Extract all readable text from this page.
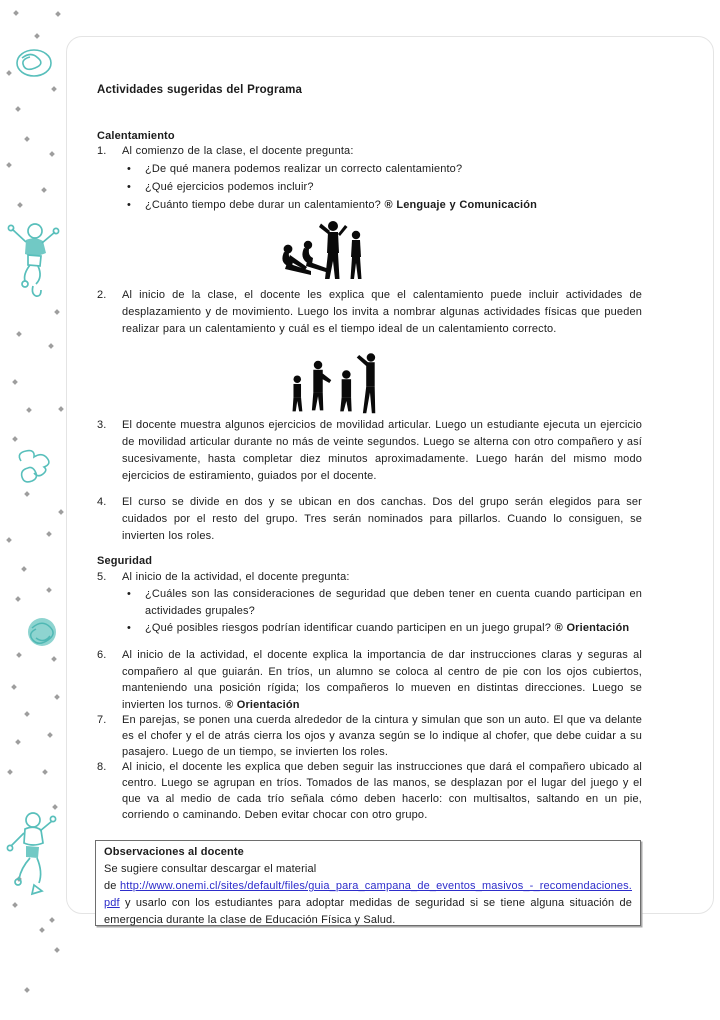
Actividades sugeridas del Programa
Calentamiento
1.	Al comienzo de la clase, el docente pregunta:
•	¿De qué manera podemos realizar un correcto calentamiento?
•	¿Qué ejercicios podemos incluir?
•	¿Cuánto tiempo debe durar un calentamiento? ® Lenguaje y Comunicación
2.	Al inicio de la clase, el docente les explica que el calentamiento puede incluir actividades de desplazamiento y de movimiento. Luego los invita a nombrar algunas actividades físicas que pueden realizar para un calentamiento y cuál es el tiempo ideal de un calentamiento correcto.
3.	El docente muestra algunos ejercicios de movilidad articular. Luego un estudiante ejecuta un ejercicio de movilidad articular durante no más de veinte segundos. Luego se alterna con otro compañero y así sucesivamente, hasta completar diez minutos aproximadamente. Luego harán del mismo modo ejercicios de estiramiento, guiados por el docente.
4.	El curso se divide en dos y se ubican en dos canchas. Dos del grupo serán elegidos para ser cuidados por el resto del grupo. Tres serán nominados para pillarlos. Cuando lo consiguen, se invierten los roles.
Seguridad
5.	Al inicio de la actividad, el docente pregunta:
•	¿Cuáles son las consideraciones de seguridad que deben tener en cuenta cuando participan en actividades grupales?
•	¿Qué posibles riesgos podrían identificar cuando participen en un juego grupal? ® Orientación
6.	Al inicio de la actividad, el docente explica la importancia de dar instrucciones claras y seguras al compañero al que guiarán. En tríos, un alumno se coloca al centro de pie con los ojos cubiertos, manteniendo una posición rígida; los compañeros lo mueven en distintas direcciones. Luego se invierten los turnos. ® Orientación
7.	En parejas, se ponen una cuerda alrededor de la cintura y simulan que son un auto. El que va delante es el chofer y el de atrás cierra los ojos y avanza según se lo indique al chofer, que debe cuidar a su pasajero. Luego de un tiempo, se invierten los roles.
8.	Al inicio, el docente les explica que deben seguir las instrucciones que dará el compañero ubicado al centro. Luego se agrupan en tríos. Tomados de las manos, se desplazan por el lugar del juego y el que va al medio de cada trío señala cómo deben hacerlo: con multisaltos, saltando en un pie, corriendo o caminando. Deben evitar chocar con otro grupo.
Observaciones al docente
Se sugiere consultar descargar el material
de http://www.onemi.cl/sites/default/files/guia_para_campana_de_eventos_masivos_-_recomendaciones.pdf y usarlo con los estudiantes para adoptar medidas de seguridad si se tiene alguna situación de emergencia durante la clase de Educación Física y Salud.
